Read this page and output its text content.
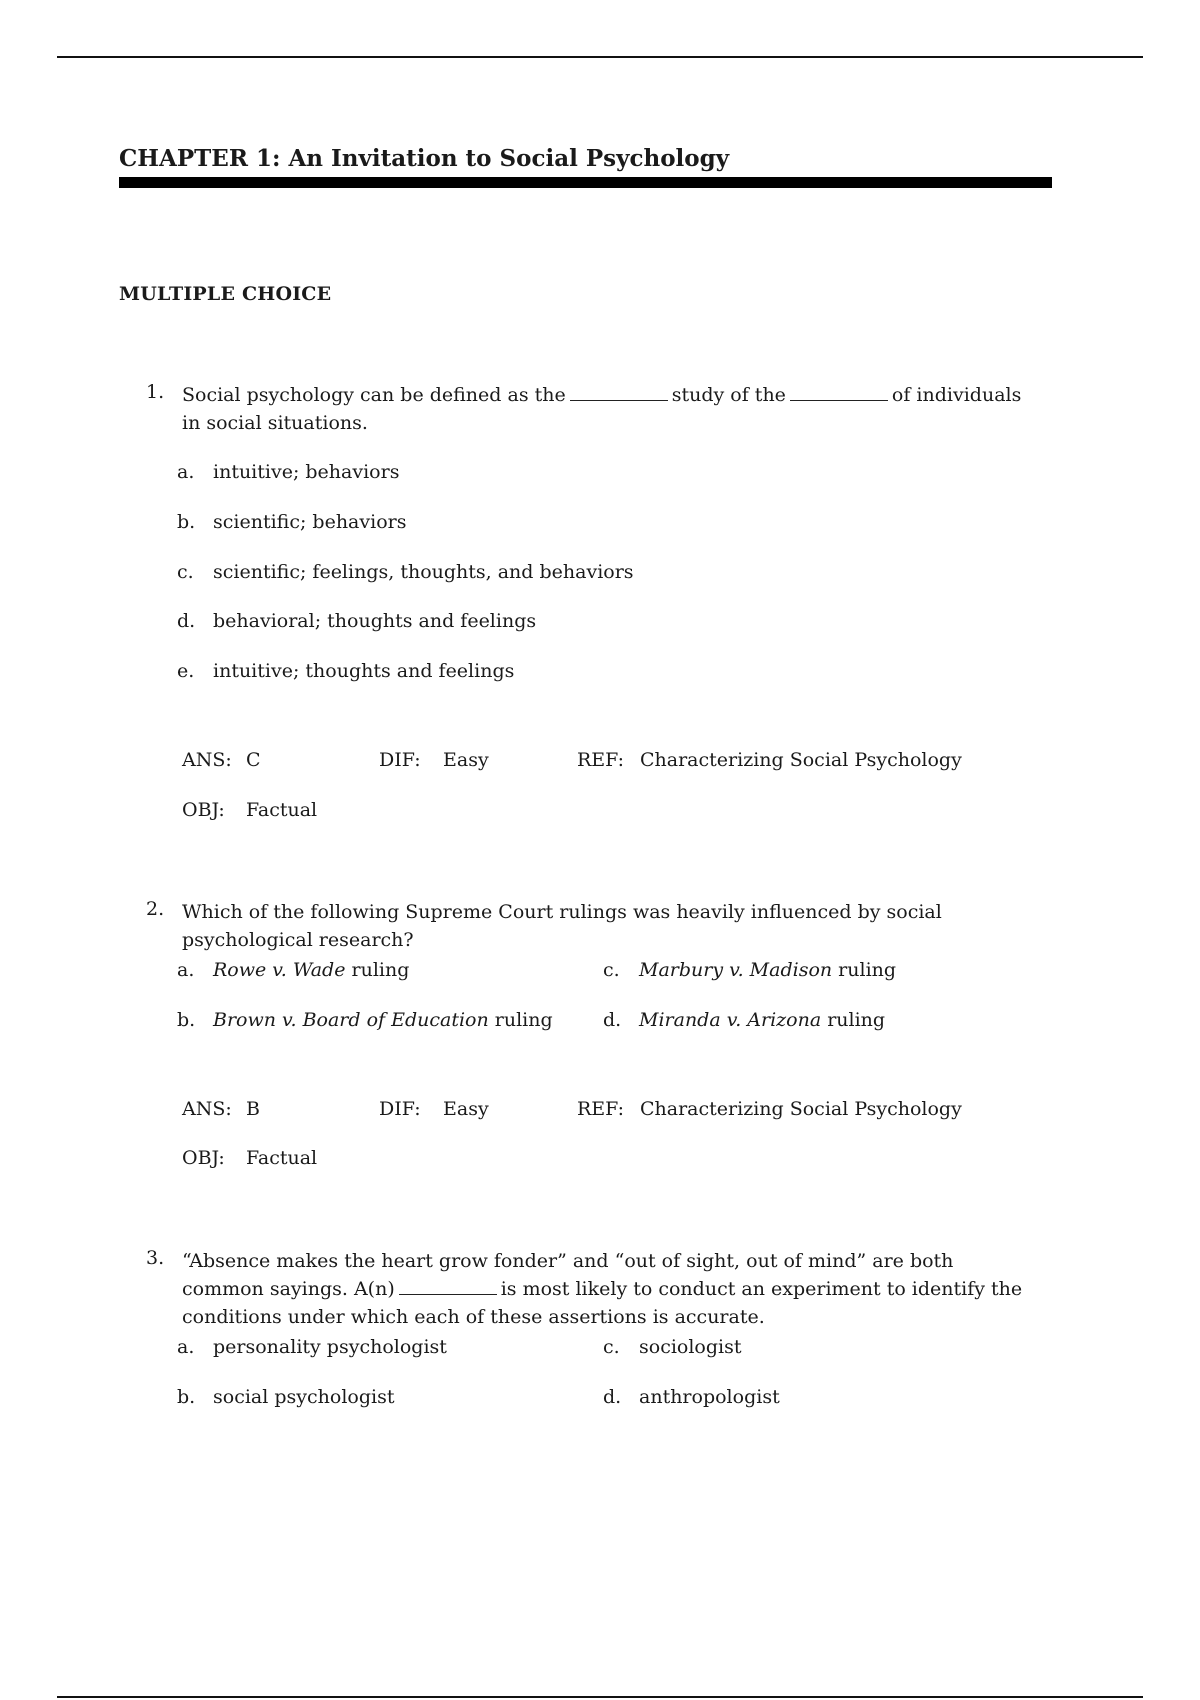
CHAPTER 1: An Invitation to Social Psychology
MULTIPLE CHOICE
1. Social psychology can be defined as the	study of the	of individuals in social situations.
a. intuitive; behaviors
b. scientific; behaviors
c. scientific; feelings, thoughts, and behaviors
d. behavioral; thoughts and feelings
e. intuitive; thoughts and feelings
ANS: C	DIF: Easy	REF: Characterizing Social Psychology
OBJ: Factual
2. Which of the following Supreme Court rulings was heavily influenced by social psychological research?
a. Rowe v. Wade ruling	c. Marbury v. Madison ruling
b. Brown v. Board of Education ruling	d. Miranda v. Arizona ruling
ANS: B	DIF: Easy	REF: Characterizing Social Psychology
OBJ: Factual
3. “Absence makes the heart grow fonder” and “out of sight, out of mind” are both common sayings. A(n)	is most likely to conduct an experiment to identify the conditions under which each of these assertions is accurate.
a. personality psychologist	c. sociologist
b. social psychologist	d. anthropologist
